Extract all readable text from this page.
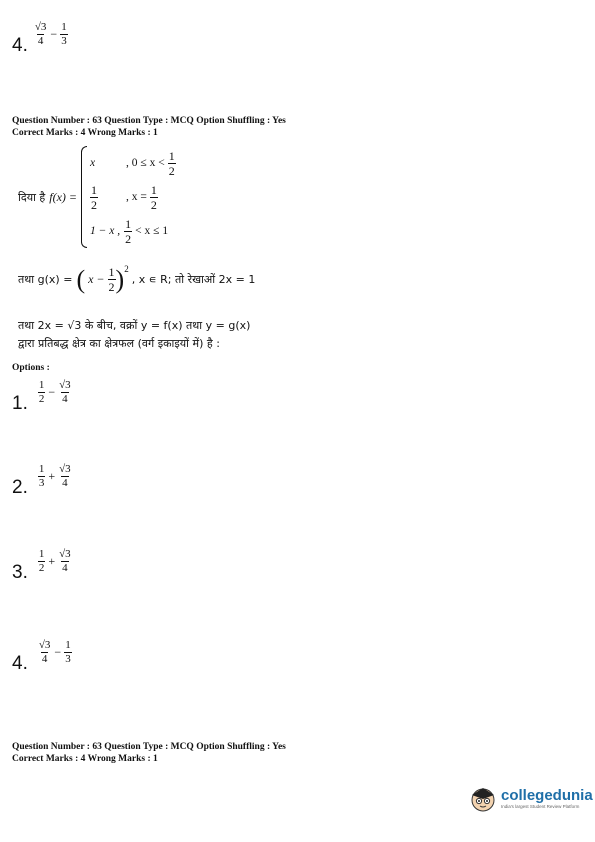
4. $\frac{√3}{4} - \frac{1}{3}$
Question Number : 63 Question Type : MCQ Option Shuffling : Yes
Correct Marks : 4 Wrong Marks : 1
दिया है f(x) =
x	, $0 \le x < \frac{1}{2}$
$\frac{1}{2}$ , $x = \frac{1}{2}$
1 − x , $\frac{1}{2} < x \le 1$
तथा g(x) = ( $x - \frac{1}{2} )^2$
, x ∊ R; तो रेखाओं 2x = 1
तथा 2x = √3 के बीच, वक्रों y = f(x) तथा y = g(x)
द्वारा प्रतिबद्ध क्षेत्र का क्षेत्रफल (वर्ग इकाइयों में) है :
Options :
1. $\frac{1}{2} - \frac{√3}{4}$
2. $\frac{1}{3} + \frac{√3}{4}$
3. $\frac{1}{2} + \frac{√3}{4}$
4. $\frac{√3}{4} - \frac{1}{3}$
Question Number : 63 Question Type : MCQ Option Shuffling : Yes
Correct Marks : 4 Wrong Marks : 1
collegedunia
India's largest Student Review Platform
